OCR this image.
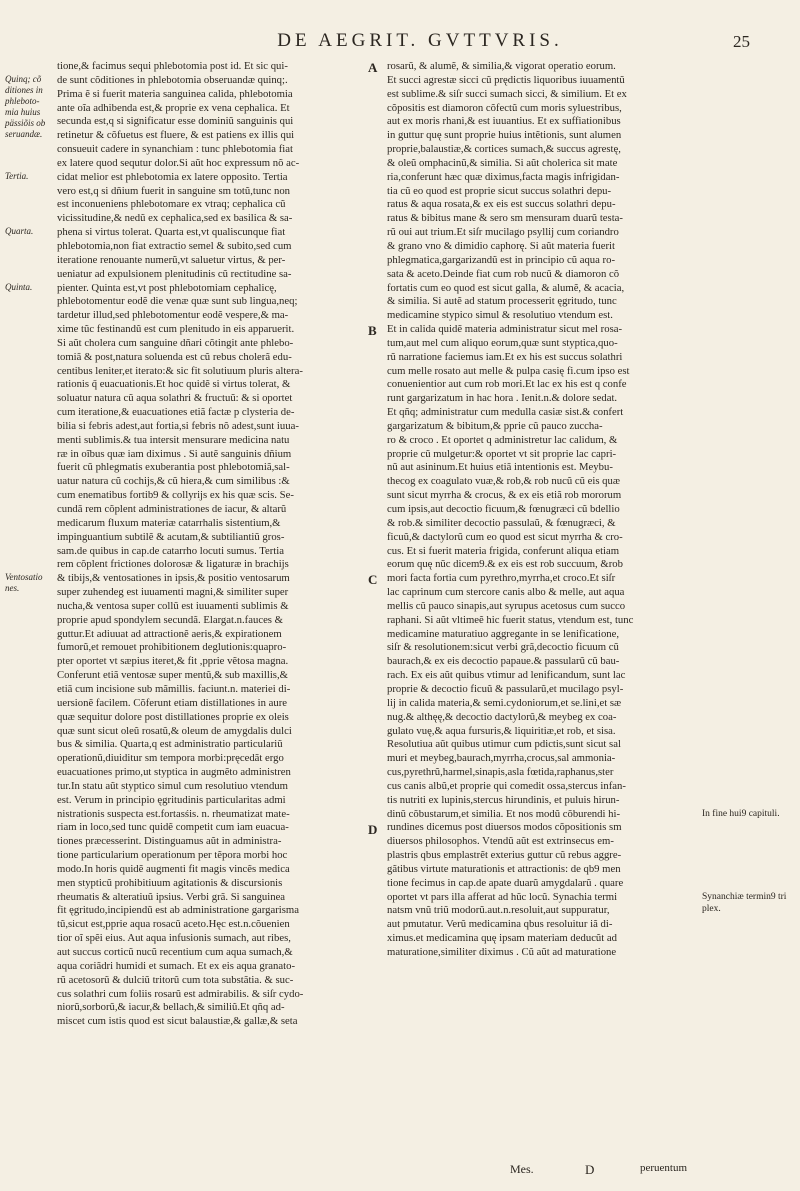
DE AEGRIT. GVTTVRIS.	25
tione,& facimus sequi phlebotomia post id. Et sic qui-
de sunt cõditiones in phlebotomia obseruandæ quinq;.
Prima ẽ si fuerit materia sanguinea calida, phlebotomia
ante oĩa adhibenda est,& proprie ex vena cephalica. Et
secunda est,q si significatur esse dominiũ sanguinis qui
retinetur & cõfuetus est fluere, & est patiens ex illis qui
consueuit cadere in synanchiam : tunc phlebotomia fiat
ex latere quod sequtur dolor.Si aũt hoc expressum nõ ac-
cidat melior est phlebotomia ex latere opposito. Tertia
vero est,q si dñium fuerit in sanguine sm totũ,tunc non
est inconueniens phlebotomare ex vtraq; cephalica cũ
vicissitudine,& nedũ ex cephalica,sed ex basilica & sa-
phena si virtus tolerat. Quarta est,vt qualiscunque fiat
phlebotomia,non fiat extractio semel & subito,sed cum
iteratione renouante numerũ,vt saluetur virtus, & per-
ueniatur ad expulsionem plenitudinis cũ rectitudine sa-
pienter. Quinta est,vt post phlebotomiam cephalicę,
phlebotomentur eodẽ die venæ quæ sunt sub lingua,neq;
tardetur illud,sed phlebotomentur eodẽ vespere,& ma-
xime tũc festinandũ est cum plenitudo in eis apparuerit.
Si aũt cholera cum sanguine dñari cõtingit ante phlebo-
tomiã & post,natura soluenda est cũ rebus cholerã edu-
centibus leniter,et iterato:& sic fit solutiuum pluris altera-
rationis q̃ euacuationis.Et hoc quidẽ si virtus tolerat, &
soluatur natura cũ aqua solathri & fructuũ: & si oportet
cum iteratione,& euacuationes etiã factæ p clysteria de-
bilia si febris adest,aut fortia,si febris nõ adest,sunt iuua-
menti sublimis.& tua intersit mensurare medicina natu
ræ in oĩbus quæ iam diximus . Si autẽ sanguinis dñium
fuerit cũ phlegmatis exuberantia post phlebotomiã,sal-
uatur natura cũ cochijs,& cũ hiera,& cum similibus :&
cum enematibus fortib9 & collyrijs ex his quæ scis. Se-
cundã rem cõplent administrationes de iacur, & altarũ
medicarum fluxum materiæ catarrhalis sistentium,&
impinguantium subtilẽ & acutam,& subtiliantiũ gros-
sam.de quibus in cap.de catarrho locuti sumus. Tertia
rem cõplent frictiones dolorosæ & ligaturæ in brachijs
& tibijs,& ventosationes in ipsis,& positio ventosarum
super zuhendeg est iuuamenti magni,& similiter super
nucha,& ventosa super collũ est iuuamenti sublimis &
proprie apud spondylem secundã. Elargat.n.fauces &
guttur.Et adiuuat ad attractionẽ aeris,& expirationem
fumorũ,et remouet prohibitionem deglutionis:quapro-
pter oportet vt sæpius iteret,& fit ,pprie vẽtosa magna.
Conferunt etiã ventosæ super mentũ,& sub maxillis,&
etiã cum incisione sub mãmillis. faciunt.n. materiei di-
uersionẽ facilem. Cõferunt etiam distillationes in aure
quæ sequitur dolore post distillationes proprie ex oleis
quæ sunt sicut oleũ rosatũ,& oleum de amygdalis dulci
bus & similia. Quarta,q est administratio particulariũ
operationũ,diuiditur sm tempora morbi:pręcedãt ergo
euacuationes primo,ut styptica in augmẽto administren
tur.In statu aũt styptico simul cum resolutiuo vtendum
est. Verum in principio ęgritudinis particularitas admi
nistrationis suspecta est.fortasśis. n. rheumatizat mate-
riam in loco,sed tunc quidẽ competit cum iam euacua-
tiones præcesserint. Distinguamus aũt in administra-
tione particularium operationum per tẽpora morbi hoc
modo.In horis quidẽ augmenti fit magis vincẽs medica
men stypticũ prohibitiuum agitationis & discursionis
rheumatis & alteratiuũ ipsius. Verbi grã. Si sanguinea
fit ęgritudo,incipiendũ est ab administratione gargarisma
tũ,sicut est,pprie aqua rosacũ aceto.Hęc est.n.cõuenien
tior oĩ spẽi eius. Aut aqua infusionis sumach, aut ribes,
aut succus corticũ nucũ recentium cum aqua sumach,&
aqua coriãdri humidi et sumach. Et ex eis aqua granato-
rũ acetosorũ & dulciũ tritorũ cum tota substãtia. & suc-
cus solathri cum foliis rosarũ est admirabilis. & siſr cydo-
niorũ,sorborũ,& iacur,& bellach,& similiũ.Et qñq ad-
miscet cum istis quod est sicut balaustiæ,& gallæ,& seta
rosarũ, & alumẽ, & similia,& vigorat operatio eorum.
Et succi agrestæ sicci cũ prędictis liquoribus iuuamentũ
est sublime.& siſr succi sumach sicci, & similium. Et ex
cõpositis est diamoron cõfectũ cum moris syluestribus,
aut ex moris rhani,& est iuuantius. Et ex suffiationibus
in guttur quę sunt proprie huius intẽtionis, sunt alumen
proprie,balaustiæ,& cortices sumach,& succus agrestę,
& oleũ omphacinũ,& similia. Si aũt cholerica sit mate
ria,conferunt hæc quæ diximus,facta magis infrigidan-
tia cũ eo quod est proprie sicut succus solathri depu-
ratus & aqua rosata,& ex eis est succus solathri depu-
ratus & bibitus mane & sero sm mensuram duarũ testa-
rũ oui aut trium.Et siſr mucilago psyllij cum coriandro
& grano vno & dimidio caphorę. Si aũt materia fuerit
phlegmatica,gargarizandũ est in principio cũ aqua ro-
sata & aceto.Deinde fiat cum rob nucũ & diamoron cõ
fortatis cum eo quod est sicut galla, & alumẽ, & acacia,
& similia. Si autẽ ad statum processerit ęgritudo, tunc
medicamine stypico simul & resolutiuo vtendum est.
Et in calida quidẽ materia administratur sicut mel rosa-
tum,aut mel cum aliquo eorum,quæ sunt styptica,quo-
rũ narratione faciemus iam.Et ex his est succus solathri
cum melle rosato aut melle & pulpa casię fi.cum ipso est
conuenientior aut cum rob mori.Et lac ex his est q confe
runt gargarizatum in hac hora . Ienit.n.& dolore sedat.
Et qñq; administratur cum medulla casiæ sist.& confert
gargarizatum & bibitum,& pprie cũ pauco zuccha-
ro & croco . Et oportet q administretur lac calidum, &
proprie cũ mulgetur:& oportet vt sit proprie lac capri-
nũ aut asininum.Et huius etiã intentionis est. Meybu-
thecog ex coagulato vuæ,& rob,& rob nucũ cũ eis quæ
sunt sicut myrrha & crocus, & ex eis etiã rob mororum
cum ipsis,aut decoctio ficuum,& fœnugræci cũ bdellio
& rob.& similiter decoctio passulaũ, & fœnugræci, &
ficuũ,& dactylorũ cum eo quod est sicut myrrha & cro-
cus. Et si fuerit materia frigida, conferunt aliqua etiam
eorum quę nũc dicem9.& ex eis est rob succuum, &rob
mori facta fortia cum pyrethro,myrrha,et croco.Et siſr
lac caprinum cum stercore canis albo & melle, aut aqua
mellis cũ pauco sinapis,aut syrupus acetosus cum succo
raphani. Si aũt vltimeẽ hic fuerit status, vtendum est, tunc
medicamine maturatiuo aggregante in se lenificatione,
siſr & resolutionem:sicut verbi grã,decoctio ficuum cũ
baurach,& ex eis decoctio papaue.& passularũ cũ bau-
rach. Ex eis aũt quibus vtimur ad lenificandum, sunt lac
proprie & decoctio ficuũ & passularũ,et mucilago psyl-
lij in calida materia,& semi.cydoniorum,et se.lini,et sæ
nug.& althęę,& decoctio dactylorũ,& meybeg ex coa-
gulato vuę,& aqua fursuris,& liquiritiæ,et rob, et sisa.
Resolutiua aũt quibus utimur cum pdictis,sunt sicut sal
muri et meybeg,baurach,myrrha,crocus,sal ammonia-
cus,pyrethrũ,harmel,sinapis,asla fœtida,raphanus,ster
cus canis albũ,et proprie qui comedit ossa,stercus infan-
tis nutriti ex lupinis,stercus hirundinis, et puluis hirun-
dinũ cõbustarum,et similia. Et nos modũ cõburendi hi-
rundines dicemus post diuersos modos cõpositionis sm
diuersos philosophos. Vtendũ aũt est extrinsecus em-
plastris qbus emplastrẽt exterius guttur cũ rebus aggre-
gãtibus virtute maturationis et attractionis: de qb9 men
tione fecimus in cap.de apate duarũ amygdalarũ . quare
oportet vt pars illa afferat ad hũc locũ. Synachia termi
natsm vnũ triũ modorũ.aut.n.resoluit,aut suppuratur,
aut pmutatur. Verũ medicamina qbus resoluitur iã di-
ximus.et medicamina quę ipsam materiam deducũt ad
maturatione,similiter diximus . Cũ aũt ad maturatione
Quinq; cõ ditiones in phleboto- mia huius pässiõis ob seruandæ.
Tertia.
Quarta.
Quinta.
Ventosatio nes.
In fine hui9 capituli.
Synanchiæ termin9 tri plex.
A
B
C
D
Mes.	D	peruentum
